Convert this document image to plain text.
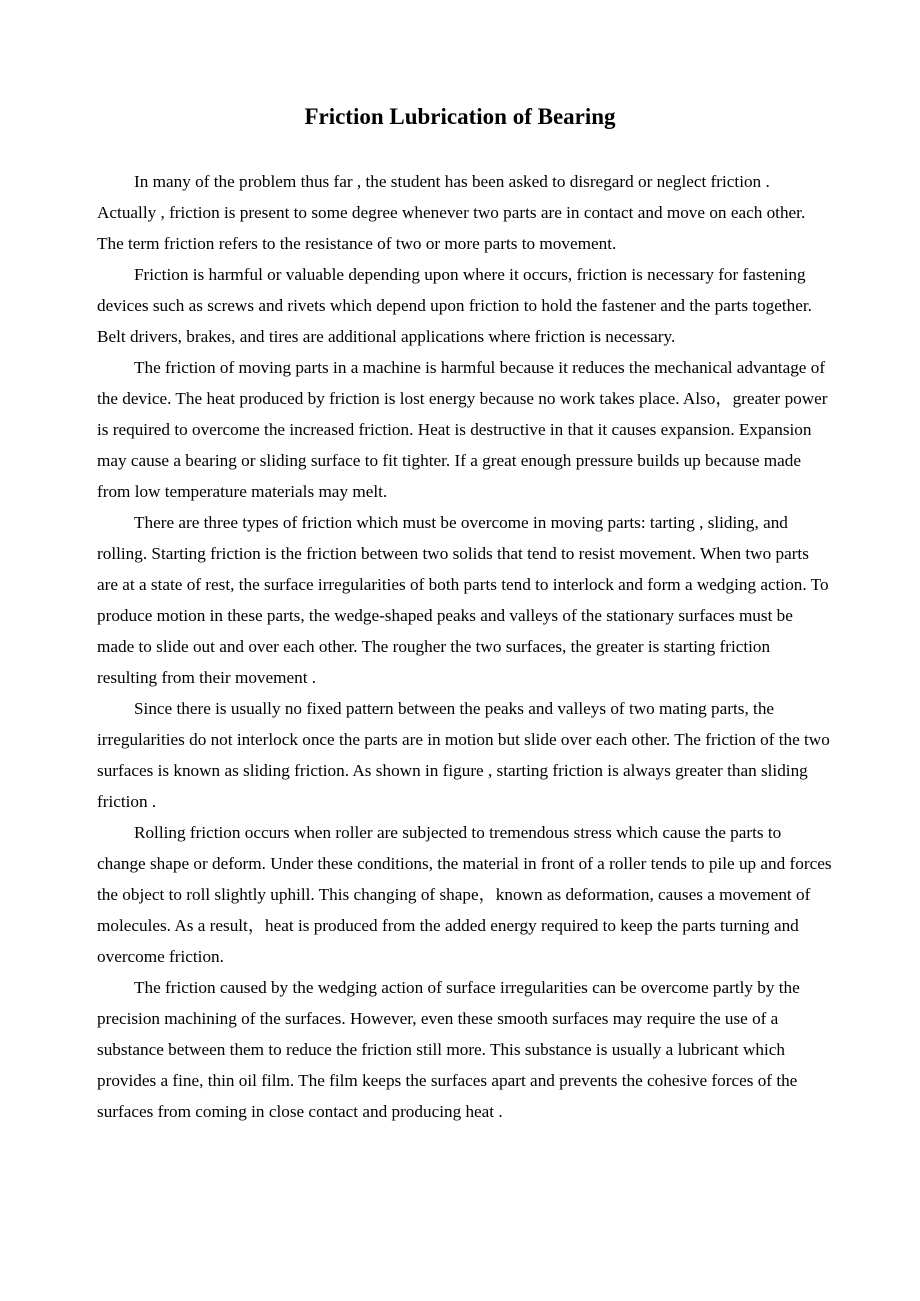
Friction Lubrication of Bearing

In many of the problem thus far , the student has been asked to disregard or neglect friction . Actually , friction is present to some degree whenever two parts are in contact and move on each other. The term friction refers to the resistance of two or more parts to movement.

Friction is harmful or valuable depending upon where it occurs, friction is necessary for fastening devices such as screws and rivets which depend upon friction to hold the fastener and the parts together. Belt drivers, brakes, and tires are additional applications where friction is necessary.

The friction of moving parts in a machine is harmful because it reduces the mechanical advantage of the device. The heat produced by friction is lost energy because no work takes place. Also，greater power is required to overcome the increased friction. Heat is destructive in that it causes expansion. Expansion may cause a bearing or sliding surface to fit tighter. If a great enough pressure builds up because made from low temperature materials may melt.

There are three types of friction which must be overcome in moving parts: tarting , sliding, and rolling. Starting friction is the friction between two solids that tend to resist movement. When two parts are at a state of rest, the surface irregularities of both parts tend to interlock and form a wedging action. To produce motion in these parts, the wedge-shaped peaks and valleys of the stationary surfaces must be made to slide out and over each other. The rougher the two surfaces, the greater is starting friction resulting from their movement .

Since there is usually no fixed pattern between the peaks and valleys of two mating parts, the irregularities do not interlock once the parts are in motion but slide over each other. The friction of the two surfaces is known as sliding friction. As shown in figure , starting friction is always greater than sliding friction .

Rolling friction occurs when roller are subjected to tremendous stress which cause the parts to change shape or deform. Under these conditions, the material in front of a roller tends to pile up and forces the object to roll slightly uphill. This changing of shape，known as deformation, causes a movement of molecules. As a result，heat is produced from the added energy required to keep the parts turning and overcome friction.

The friction caused by the wedging action of surface irregularities can be overcome partly by the precision machining of the surfaces. However, even these smooth surfaces may require the use of a substance between them to reduce the friction still more. This substance is usually a lubricant which provides a fine, thin oil film. The film keeps the surfaces apart and prevents the cohesive forces of the surfaces from coming in close contact and producing heat .
